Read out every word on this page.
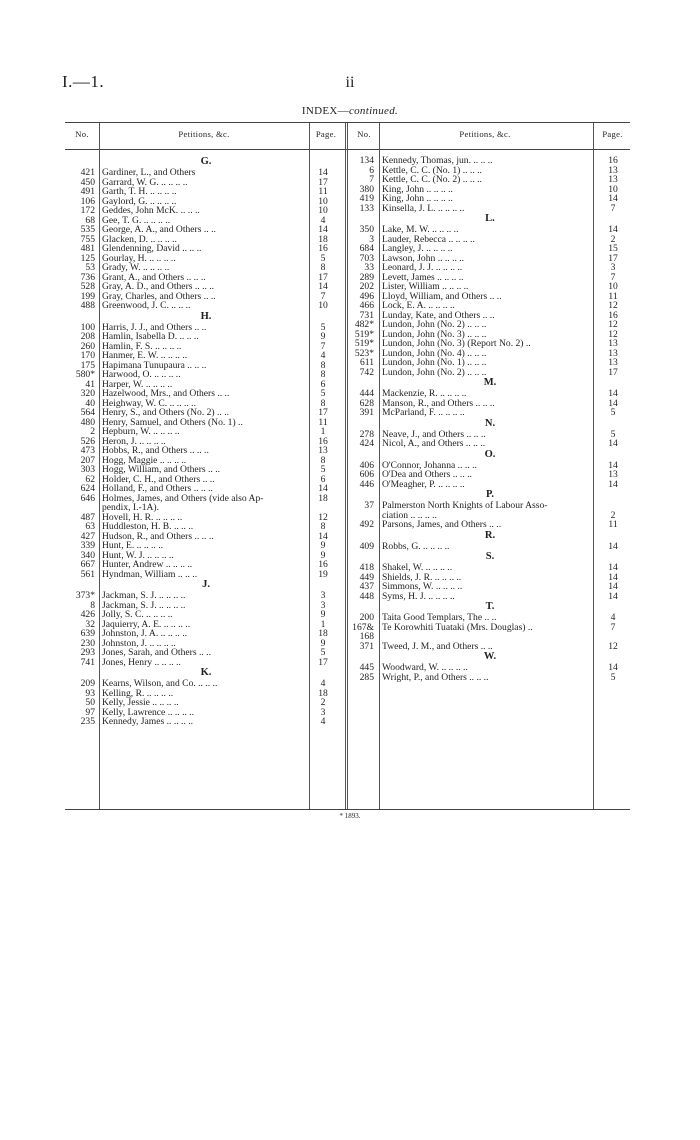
I.—1.	ii
INDEX—continued.
No.	Petitions, &c.	Page.	No.	Petitions, &c.	Page.
G.
421 Gardiner, L., and Others	14
450 Garrard, W. G. .. .. .. ..	17
491 Garth, T. H. .. .. .. ..	11
106 Gaylord, G. .. .. .. ..	10
172 Geddes, John McK. .. .. ..	10
68 Gee, T. G. .. .. .. ..	4
535 George, A. A., and Others .. ..	14
755 Glacken, D. .. .. .. ..	18
481 Glendenning, David .. .. ..	16
125 Gourlay, H. .. .. .. ..	5
53 Grady, W. .. .. .. ..	8
736 Grant, A., and Others .. .. ..	17
528 Gray, A. D., and Others .. .. ..	14
199 Gray, Charles, and Others .. ..	7
488 Greenwood, J. C. .. .. ..	10
H.
100 Harris, J. J., and Others .. ..	5
208 Hamlin, Isabella D. .. .. ..	9
260 Hamlin, F. S. .. .. .. ..	7
170 Hanmer, E. W. .. .. .. ..	4
175 Hapimana Tunupaura .. .. ..	8
580* Harwood, O. .. .. .. ..	8
41 Harper, W. .. .. .. ..	6
320 Hazelwood, Mrs., and Others .. ..	5
40 Heighway, W. C. .. .. .. ..	8
564 Henry, S., and Others (No. 2) .. ..	17
480 Henry, Samuel, and Others (No. 1) ..	11
2 Hepburn, W. .. .. .. ..	1
526 Heron, J. .. .. .. ..	16
473 Hobbs, R., and Others .. .. ..	13
207 Hogg, Maggie .. .. .. ..	8
303 Hogg, William, and Others .. ..	5
62 Holder, C. H., and Others .. ..	6
624 Holland, F., and Others .. .. ..	14
646 Holmes, James, and Others (vide also Ap-	18
pendix, I.-1A).
487 Hovell, H. R. .. .. .. ..	12
63 Huddleston, H. B. .. .. ..	8
427 Hudson, R., and Others .. .. ..	14
339 Hunt, E. .. .. .. ..	9
340 Hunt, W. J. .. .. .. ..	9
667 Hunter, Andrew .. .. .. ..	16
561 Hyndman, William .. .. ..	19
J.
373* Jackman, S. J. .. .. .. ..	3
8 Jackman, S. J. .. .. .. ..	3
426 Jolly, S. C. .. .. .. ..	9
32 Jaquierry, A. E. .. .. .. ..	1
639 Johnston, J. A. .. .. .. ..	18
230 Johnston, J. .. .. .. ..	9
293 Jones, Sarah, and Others .. ..	5
741 Jones, Henry .. .. .. ..	17
K.
209 Kearns, Wilson, and Co. .. .. ..	4
93 Kelling, R. .. .. .. ..	18
50 Kelly, Jessie .. .. .. ..	2
97 Kelly, Lawrence .. .. .. ..	3
235 Kennedy, James .. .. .. ..	4
134 Kennedy, Thomas, jun. .. .. ..	16
6 Kettle, C. C. (No. 1) .. .. ..	13
7 Kettle, C. C. (No. 2) .. .. ..	13
380 King, John .. .. .. ..	10
419 King, John .. .. .. ..	14
133 Kinsella, J. L. .. .. .. ..	7
L.
350 Lake, M. W. .. .. .. ..	14
3 Lauder, Rebecca .. .. .. ..	2
684 Langley, J. .. .. .. ..	15
703 Lawson, John .. .. .. ..	17
33 Leonard, J. J. .. .. .. ..	3
289 Levett, James .. .. .. ..	7
202 Lister, William .. .. .. ..	10
496 Lloyd, William, and Others .. ..	11
466 Lock, E. A. .. .. .. ..	12
731 Lunday, Kate, and Others .. ..	16
482* Lundon, John (No. 2) .. .. ..	12
519* Lundon, John (No. 3) .. .. ..	12
519* Lundon, John (No. 3) (Report No. 2) ..	13
523* Lundon, John (No. 4) .. .. ..	13
611 Lundon, John (No. 1) .. .. ..	13
742 Lundon, John (No. 2) .. .. ..	17
M.
444 Mackenzie, R. .. .. .. ..	14
628 Manson, R., and Others .. .. ..	14
391 McParland, F. .. .. .. ..	5
N.
278 Neave, J., and Others .. .. ..	5
424 Nicol, A., and Others .. .. ..	14
O.
406 O'Connor, Johanna .. .. ..	14
606 O'Dea and Others .. .. ..	13
446 O'Meagher, P. .. .. .. ..	14
P.
37 Palmerston North Knights of Labour Asso-
ciation .. .. .. ..	2
492 Parsons, James, and Others .. ..	11
R.
409 Robbs, G. .. .. .. ..	14
S.
418 Shakel, W. .. .. .. ..	14
449 Shields, J. R. .. .. .. ..	14
437 Simmons, W. .. .. .. ..	14
448 Syms, H. J. .. .. .. ..	14
T.
200 Taita Good Templars, The .. ..	4
167& Te Korowhiti Tuataki (Mrs. Douglas) ..	7
168
371 Tweed, J. M., and Others .. ..	12
W.
445 Woodward, W. .. .. .. ..	14
285 Wright, P., and Others .. .. ..	5
* 1893.
